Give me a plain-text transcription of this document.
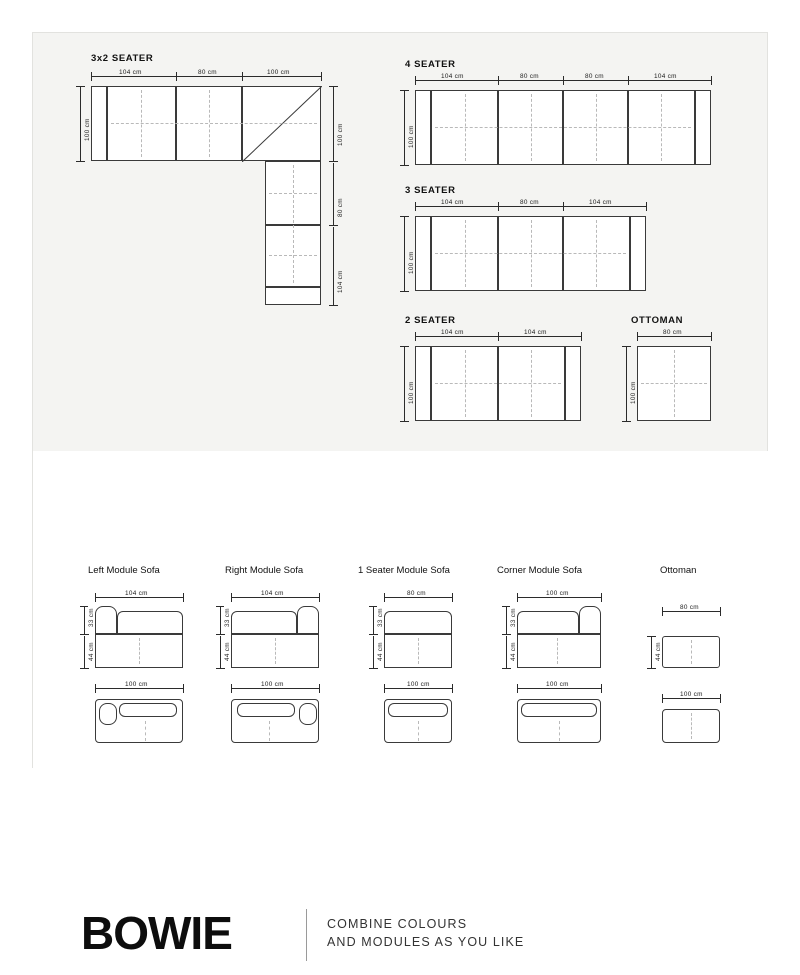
3x2 SEATER
104 cm	80 cm	100 cm
100 cm	100 cm
80 cm
104 cm
4 SEATER
104 cm	80 cm	80 cm	104 cm
100 cm
3 SEATER
104 cm	80 cm	104 cm
100 cm
2 SEATER
104 cm	104 cm
100 cm
OTTOMAN
80 cm
100 cm
BOWIE	COMBINE COLOURS
AND MODULES AS YOU LIKE
Left Module Sofa
104 cm
33 cm
44 cm
100 cm
Right Module Sofa
104 cm
33 cm
44 cm
100 cm
1 Seater Module Sofa
80 cm
33 cm
44 cm
100 cm
Corner Module Sofa
100 cm
33 cm
44 cm
100 cm
Ottoman
80 cm
44 cm
100 cm
